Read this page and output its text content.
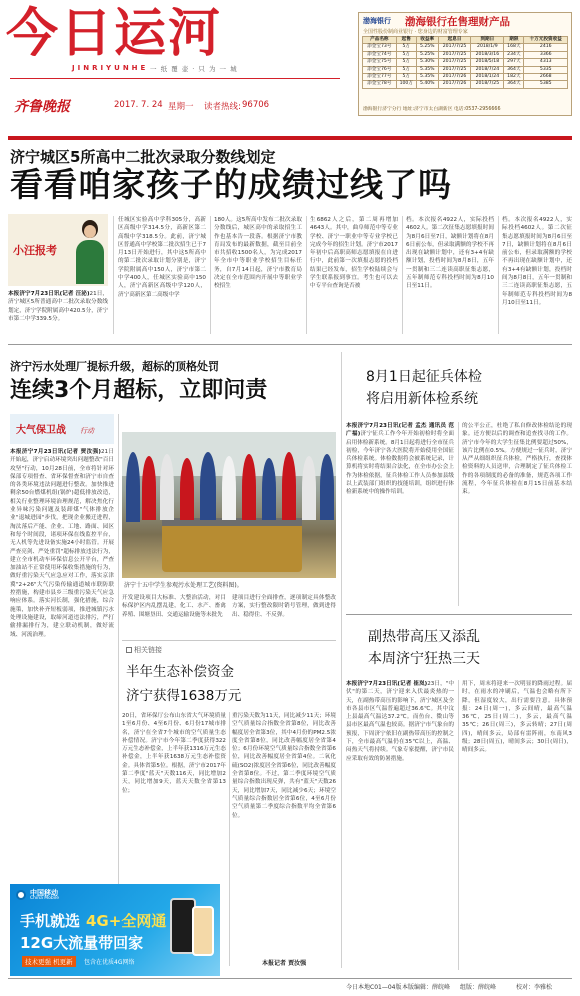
今日运河
JINRIYUNHE 一 纸 覆 壶 · 只 为 一 城
齐鲁晚报	2017. 7. 24 星期一 读者热线: 96706
渤海银行 渤海银行在售理财产品
全国性股份制商业银行 · 您身边的财富管理专家
产品名称	起售	收益率	起息日	到期日	期限	十万元投资收益
添金宝73号	5万	5.25%	2017/7/25	2018/1/9	168天	2416
添金宝74号	5万	5.25%	2017/7/25	2018/3/16	234天	3366
添金宝75号	5万	5.30%	2017/7/25	2018/5/18	297天	4313
添金宝76号	5万	5.35%	2017/7/25	2018/7/24	364天	5335
添金宝77号	5万	5.35%	2017/7/26	2018/1/24	182天	2668
添金宝78号	100万	5.40%	2017/7/26	2018/7/25	364天	5385
渤海银行济宁分行 地址:济宁市太白湖新区 电话:0537-2956666
济宁城区5所高中二批次录取分数线划定
看看咱家孩子的成绩过线了吗
小汪报考
本报济宁7月23日讯(记者 汪泌)21日，济宁城区5所普通高中二批次录取分数线划定，济宁学院附属高中420.5分，济宁市第二中学339.5分。
任城区实验高中学科305分，高新区高级中学314.5分，高新区第二高级中学318.5分。此前，济宁城区普通高中学校第二批次招生已于7月13日开始进行，其中这5所高中的第二批次录取计划分别是，济宁学院附属高中150人，济宁市第二中学400人，任城区实验高中150人，济宁高新区高级中学120人，济宁高新区第二高级中学
180人。这5所高中发布二批次录取分数线后，城区高中的录取招生工作也基本告一段落。根据济宁市教育局发布的最新数据，截至目前全市共招收1500名人，为完成2017年全市中等职业学校招生目标任务，自7月14日起，济宁市教育局决定在全市范围内开展中等职业学校招生
生6862人之后，第二周再增加4643人。其中，曲阜师范中等专业学校、济宁一职业中等专业学校已完成今年的招生计划。济宁市2017年初中后高职高师志愿填报在自进行中，此前第一次填报志愿的投档结果已经发布，招生学校陆续会与学生联系报到事宜。考生也可以去中专平台查询是否被
档。本次报名4922人，实际投档4602人。第二次征集志愿填报时间为8月6日至7日，缺额计划将在8月6日前公布，但录取满额的学校不再出现在缺额计划中，还有3+4有缺额计划，投档时间为8月8日，五年一贯制和三二连读高职征集志愿，五年制师范专科投档时间为8月10日至11日。
档。本次报名4922人，实际投档4602人。第二次征集志愿填报时间为8月6日至7日，缺额计划将在8月6日前公布，但录取满额的学校不再出现在缺额计划中，还有3+4有缺额计划，投档时间为8月8日，五年一贯制和三二连读高职征集志愿，五年制师范专科投档时间为8月10日至11日。
济宁污水处理厂提标升级，超标的顶格处罚
连续3个月超标，立即问责
大气保卫战 行动
本报济宁7月23日讯(记者 贾汝强)21日开始起，济宁启动环境突出问题整改"百日攻坚"行动，10月28日前，全市将针对环保部专项督查、省环保督查和济宁市自查的各类环境违法问题进行整改。加快推进剩余50台燃煤机组(锅炉)超低排放改造，相关行业整理环境治理规范，解决焦化行业异味污染问题及装卸煤"气体排放企业"退城进园"步伐，把现企业搬迁进程，淘汰落后产能、企业、工地、路面、园区和每个时间段，诸项环保在线监控平台，无人机等先进设备实施24小时监管。开展严查亮剑、严处重罚"超标排放违法行为，建立全市机动车环保信息公开平台，严查加油站不正常使用环保收集措施的行为，做好重污染天气应急应对工作，落实京津冀"2+26"大气污染传输通道城市联防联控措施，构建市县乡三级重污染天气应急响应体系。落实河长制，强化措施，综合施策，加快补齐短板弱项，推进城镇污水处理设施建设，取缔河道违法排污，严打偷排漏排行为，建立联动机制，做好流域、河流治理。
济宁十五中学生参观污水处理工艺(资料图)。
开发建设项目大标准、大整治活动，对目标保护区内乱摆乱建，化工、水产、畜禽养殖、围塘垦田、交通运输设施等未批先
建项目进行全面排查，逐项制定具体整改方案，实行整改限时销号管理，做到进得出、稳得住、不反弹。
相关链接
半年生态补偿资金
济宁获得1638万元
20日，省环保厅公布山东省大气环境质量1至6月份、4至6月份、6月份17城市排名，济宁在全省7个城市的空气质量生态补偿情况。济宁市今年第二季度获得322万元生态补偿金，上半年获1316万元生态补偿金，上半年获1638万元生态补偿资金。具体省第5位。根据，济宁市2017年第二季度"蓝天"天数116天，同比增加2天，同比增加9天，蓝天天数全省第13位；
重污染天数为11天，同比减少11天；环境空气质量综合指数全省第8位，同比改善幅度居全省第3位，其中4月份的PM2.5浓度全省第8位，同比改善幅度居全省第4位；6月份环境空气质量综合指数全省第6位，同比改善幅度居全省第4位。二氧化硫(SO2)浓度居全省第6位，同比改善幅度全省第8位。不过，第二季度环境空气质量综合指数出现反弹，共有"蓝天"天数26天，同比增加7天，同比减少6天；环境空气质量综合指数居全省第6位，4至6月份空气质量第二季度综合指数平均全省第6位。
本报记者 贾汝强
8月1日起征兵体检
将启用新体检系统
本报济宁7月23日讯(记者 孟杰 通讯员 范广福)济宁征兵工作今年开始初检时将全面启用体检新系统。8月1日起将进行全市征兵初检，今年济宁各大医院将开始使用全国征兵体检系统。体检数据将会被系统记录，计算机将实时将结果合法化，在全市办公会上作为体检依据，征兵体检工作人员参加县级以上武装部门组织的技能培训，组织进行体检新系统中的操作培训。
的公平公正，杜绝了私自修改体检结论的现象。还方便以后的调查和追查找寻的工作。济宁市今年的大学生征集比例要超过50%，该片比例在0.5%。方便规过一征兵时，济宁从严从细组织征兵体检，严格执行，查找体检资料的人员送审，合理制定了征兵体检工作的各项制度的必备的准备，规范各项工作流程，今年征兵体检在8月15日前基本结束。
副热带高压又添乱
本周济宁狂热三天
本报济宁7月23日讯(记者 崔岚)23日，"中伏"的第二天，济宁迎来入伏最炎热的一天，在副热带高压的影响下，济宁城区及全市各县市区气温普遍超过36.6℃。其中汶上县最高气温达37.2℃。而鱼台、微山等县市区最高气温也较高。据济宁市气象台的预报，下周济宁依旧在副热带高压的控制之下，全市最高气温仍在35℃以上，高温、闷热天气将持续。气象专家提醒，济宁市民应采取有效的防暑措施。
用下，周末将迎来一次明显的降雨过程。届时，在雨水的冲刷后，气温也会略有所下降，但湿度较大，出行需要注意。具体预报：24日(周一)，多云间晴，最高气温36℃，25日(周二)，多云，最高气温35℃；26日(周三)，多云转晴；27日(周四)，晴间多云，局部有雷阵雨，东南风3级；28日(周五)，晴间多云；30日(周日)，晴间多云。
中国移动
China Mobile
手机就选 4G+全网通
12G大流量带回家
技术更强 机更新	包含在优质4G网络
今日本地C01—04版 本版编辑：薛皖峰 组版：薛皖峰	校对：李雅松
